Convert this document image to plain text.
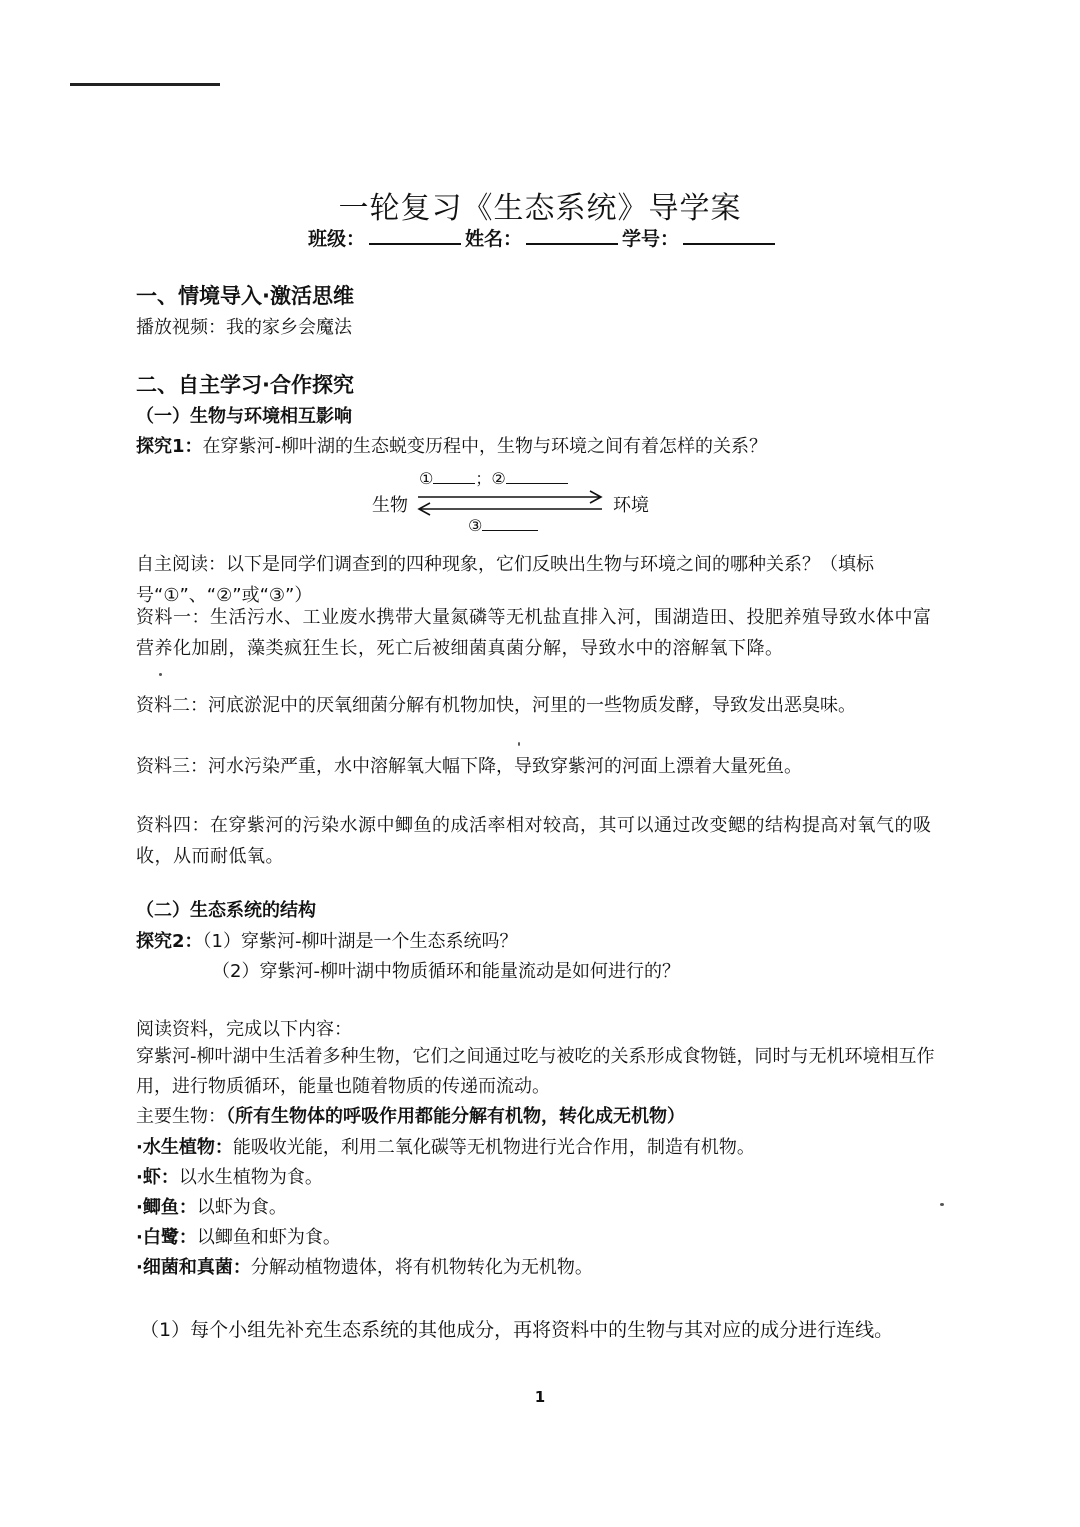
一轮复习《生态系统》导学案
班级：	姓名：	学号：
一、情境导入·激活思维
播放视频：我的家乡会魔法
二、自主学习·合作探究
（一）生物与环境相互影响
探究1：在穿紫河-柳叶湖的生态蜕变历程中，生物与环境之间有着怎样的关系？
生物	环境
①	；②
③
自主阅读：以下是同学们调查到的四种现象，它们反映出生物与环境之间的哪种关系？（填标号“①”、“②”或“③”）
资料一：生活污水、工业废水携带大量氮磷等无机盐直排入河，围湖造田、投肥养殖导致水体中富营养化加剧，藻类疯狂生长，死亡后被细菌真菌分解，导致水中的溶解氧下降。
资料二：河底淤泥中的厌氧细菌分解有机物加快，河里的一些物质发酵，导致发出恶臭味。
资料三：河水污染严重，水中溶解氧大幅下降，导致穿紫河的河面上漂着大量死鱼。
资料四：在穿紫河的污染水源中鲫鱼的成活率相对较高，其可以通过改变鳃的结构提高对氧气的吸收，从而耐低氧。
（二）生态系统的结构
探究2：（1）穿紫河-柳叶湖是一个生态系统吗？
（2）穿紫河-柳叶湖中物质循环和能量流动是如何进行的？
阅读资料，完成以下内容：
穿紫河-柳叶湖中生活着多种生物，它们之间通过吃与被吃的关系形成食物链，同时与无机环境相互作用，进行物质循环，能量也随着物质的传递而流动。
主要生物：（所有生物体的呼吸作用都能分解有机物，转化成无机物）
·水生植物：能吸收光能，利用二氧化碳等无机物进行光合作用，制造有机物。
·虾：以水生植物为食。
·鲫鱼：以虾为食。
·白鹭：以鲫鱼和虾为食。
·细菌和真菌：分解动植物遗体，将有机物转化为无机物。
（1）每个小组先补充生态系统的其他成分，再将资料中的生物与其对应的成分进行连线。
1
